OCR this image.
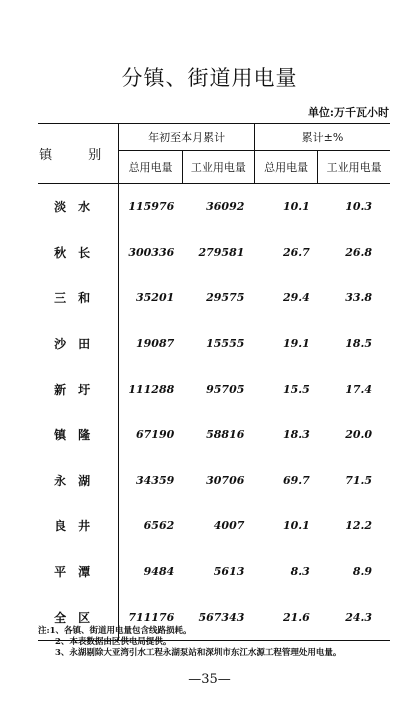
分镇、街道用电量
单位:万千瓦小时
镇 别	年初至本月累计		累计±%	
	总用电量	工业用电量	总用电量	工业用电量
淡水	115976	36092	10.1	10.3
秋长	300336	279581	26.7	26.8
三和	35201	29575	29.4	33.8
沙田	19087	15555	19.1	18.5
新圩	111288	95705	15.5	17.4
镇隆	67190	58816	18.3	20.0
永湖	34359	30706	69.7	71.5
良井	6562	4007	10.1	12.2
平潭	9484	5613	8.3	8.9
全区	711176	567343	21.6	24.3
注:1、各镇、街道用电量包含线路损耗。
2、本表数据由区供电局提供。
3、永湖剔除大亚湾引水工程永湖泵站和深圳市东江水源工程管理处用电量。
—35—
